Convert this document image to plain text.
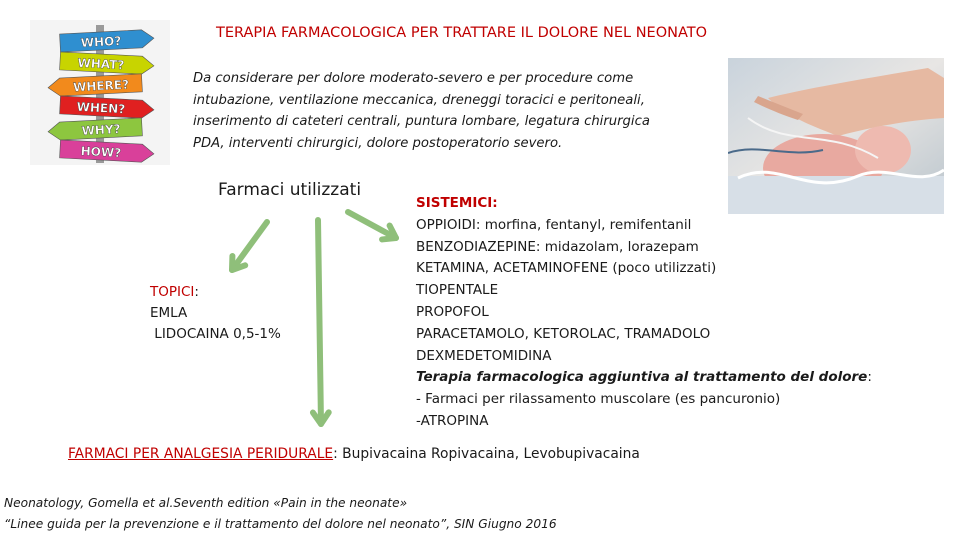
TERAPIA FARMACOLOGICA PER TRATTARE IL DOLORE NEL NEONATO
WHO?
WHAT?
WHERE?
WHEN?
WHY?
HOW?
Da considerare per dolore moderato-severo e per procedure come
intubazione, ventilazione meccanica, dreneggi toracici e peritoneali,
inserimento di cateteri centrali, puntura lombare, legatura chirurgica
PDA, interventi chirurgici, dolore postoperatorio severo.
Farmaci utilizzati
TOPICI:
EMLA
LIDOCAINA 0,5-1%
SISTEMICI:
OPPIOIDI: morfina, fentanyl, remifentanil
BENZODIAZEPINE: midazolam, lorazepam
KETAMINA, ACETAMINOFENE (poco utilizzati)
TIOPENTALE
PROPOFOL
PARACETAMOLO, KETOROLAC, TRAMADOLO
DEXMEDETOMIDINA
Terapia farmacologica aggiuntiva al trattamento del dolore:
- Farmaci per rilassamento muscolare (es pancuronio)
-ATROPINA
FARMACI PER ANALGESIA PERIDURALE: Bupivacaina Ropivacaina, Levobupivacaina
Neonatology, Gomella et al.Seventh edition «Pain in the neonate»
“Linee guida per la prevenzione e il trattamento del dolore nel neonato”, SIN Giugno 2016
